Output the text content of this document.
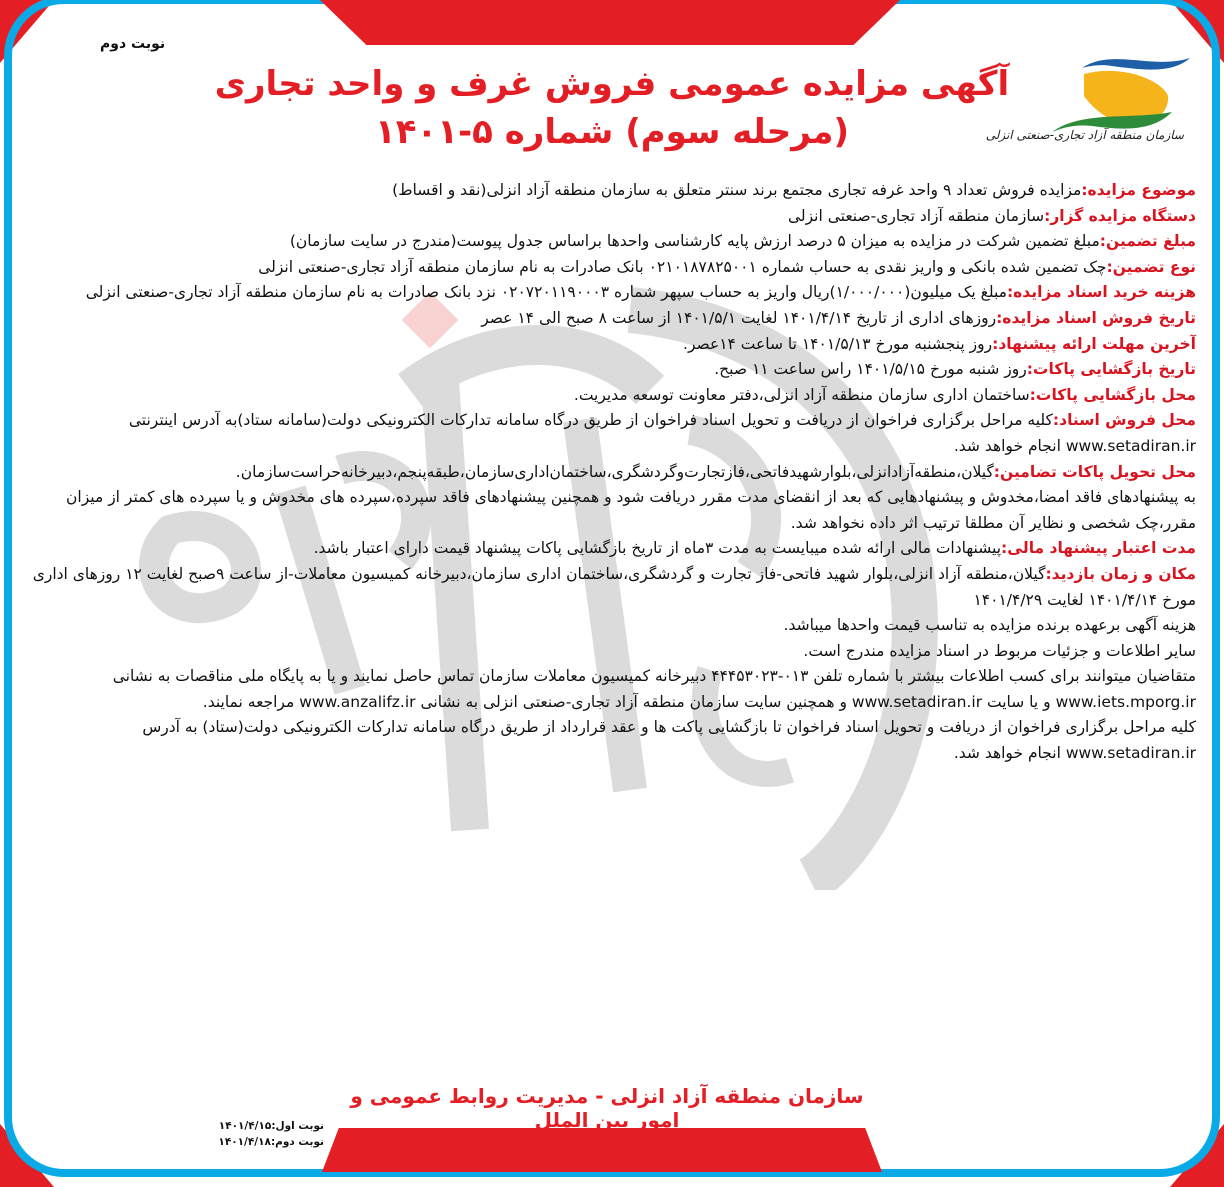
نوبت دوم
آگهی مزایده عمومی فروش غرف و واحد تجاری
(مرحله سوم) شماره ۵-۱۴۰۱	سازمان منطقه آزاد تجاری-صنعتی انزلی

موضوع مزایده:مزایده فروش تعداد ۹ واحد غرفه تجاری مجتمع برند سنتر متعلق به سازمان منطقه آزاد انزلی(نقد و اقساط)

دستگاه مزایده گزار:سازمان منطقه آزاد تجاری-صنعتی انزلی

مبلغ تضمین:مبلغ تضمین شرکت در مزایده به میزان ۵ درصد ارزش پایه کارشناسی واحدها براساس جدول پیوست(مندرج در سایت سازمان)

نوع تضمین:چک تضمین شده بانکی و واریز نقدی به حساب شماره ۰۲۱۰۱۸۷۸۲۵۰۰۱ بانک صادرات به نام سازمان منطقه آزاد تجاری-صنعتی انزلی

هزینه خرید اسناد مزایده:مبلغ یک میلیون(۱/۰۰۰/۰۰۰)ریال واریز به حساب سپهر شماره ۰۲۰۷۲۰۱۱۹۰۰۰۳ نزد بانک صادرات به نام سازمان منطقه آزاد تجاری-صنعتی انزلی

تاریخ فروش اسناد مزایده:روزهای اداری از تاریخ ۱۴۰۱/۴/۱۴ لغایت ۱۴۰۱/۵/۱ از ساعت ۸ صبح الی ۱۴ عصر

آخرین مهلت ارائه پیشنهاد:روز پنجشنبه مورخ ۱۴۰۱/۵/۱۳ تا ساعت ۱۴عصر.

تاریخ بازگشایی پاکات:روز شنبه مورخ ۱۴۰۱/۵/۱۵ راس ساعت ۱۱ صبح.

محل بازگشایی پاکات:ساختمان اداری سازمان منطقه آزاد انزلی،دفتر معاونت توسعه مدیریت.

محل فروش اسناد:کلیه مراحل برگزاری فراخوان از دریافت و تحویل اسناد فراخوان از طریق درگاه سامانه تدارکات الکترونیکی دولت(سامانه ستاد)به آدرس اینترنتی www.setadiran.ir انجام خواهد شد.

محل تحویل پاکات تضامین:گیلان،منطقه‌آزادانزلی،بلوارشهیدفاتحی،فازتجارت‌وگردشگری،ساختمان‌اداری‌سازمان،طبقه‌پنجم،دبیرخانه‌حراست‌سازمان.

به پیشنهادهای فاقد امضا،مخدوش و پیشنهادهایی که بعد از انقضای مدت مقرر دریافت شود و همچنین پیشنهادهای فاقد سپرده،سپرده های مخدوش و یا سپرده های کمتر از میزان مقرر،چک شخصی و نظایر آن مطلقا ترتیب اثر داده نخواهد شد.

مدت اعتبار پیشنهاد مالی:پیشنهادات مالی ارائه شده میبایست به مدت ۳ماه از تاریخ بازگشایی پاکات پیشنهاد قیمت دارای اعتبار باشد.

مکان و زمان بازدید:گیلان،منطقه آزاد انزلی،بلوار شهید فاتحی-فاز تجارت و گردشگری،ساختمان اداری سازمان،دبیرخانه کمیسیون معاملات-از ساعت ۹صبح لغایت ۱۲ روزهای اداری مورخ ۱۴۰۱/۴/۱۴ لغایت ۱۴۰۱/۴/۲۹

هزینه آگهی برعهده برنده مزایده به تناسب قیمت واحدها میباشد.

سایر اطلاعات و جزئیات مربوط در اسناد مزایده مندرج است.

متقاضیان میتوانند برای کسب اطلاعات بیشتر با شماره تلفن ۰۱۳-۴۴۴۵۳۰۲۳ دبیرخانه کمیسیون معاملات سازمان تماس حاصل نمایند و یا به پایگاه ملی مناقصات به نشانی www.iets.mporg.ir و یا سایت www.setadiran.ir و همچنین سایت سازمان منطقه آزاد تجاری-صنعتی انزلی به نشانی www.anzalifz.ir مراجعه نمایند.

کلیه مراحل برگزاری فراخوان از دریافت و تحویل اسناد فراخوان تا بازگشایی پاکت ها و عقد قرارداد از طریق درگاه سامانه تدارکات الکترونیکی دولت(ستاد) به آدرس www.setadiran.ir انجام خواهد شد.

سازمان منطقه آزاد انزلی - مدیریت روابط عمومی و امور بین الملل
نوبت اول:۱۴۰۱/۴/۱۵
نوبت دوم:۱۴۰۱/۴/۱۸
